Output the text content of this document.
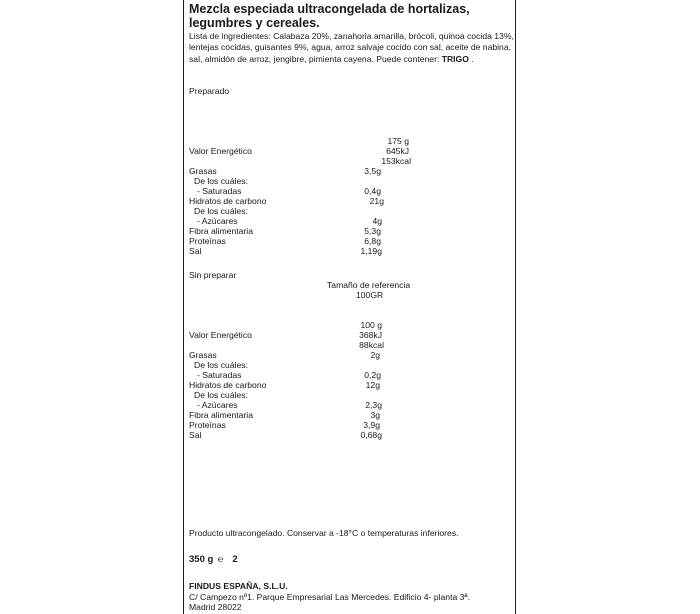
Mezcla especiada ultracongelada de hortalizas, legumbres y cereales.
Lista de ingredientes: Calabaza 20%, zanahoria amarilla, brócoli, quinoa cocida 13%, lentejas cocidas, guisantes 9%, agua, arroz salvaje cocido con sal, aceite de nabina, sal, almidón de arroz, jengibre, pimienta cayena. Puede contener: TRIGO .
Preparado
175 g
Valor Energético	645kJ
153kcal
Grasas	3,5g
De los cuáles:
- Saturadas	0,4g
Hidratos de carbono	21g
De los cuáles:
- Azúcares	4g
Fibra alimentaria	5,3g
Proteínas	6,8g
Sal	1,19g
Sin preparar
Tamaño de referencia
100GR
100 g
Valor Energético	368kJ
88kcal
Grasas	2g
De los cuáles:
- Saturadas	0,2g
Hidratos de carbono	12g
De los cuáles:
- Azúcares	2,3g
Fibra alimentaria	3g
Proteínas	3,9g
Sal	0,68g
Producto ultracongelado. Conservar a -18°C o temperaturas inferiores.
350 g ℮ 2
FINDUS ESPAÑA, S.L.U.
C/ Campezo nº1. Parque Empresarial Las Mercedes. Edificio 4- planta 3ª.
Madrid 28022
